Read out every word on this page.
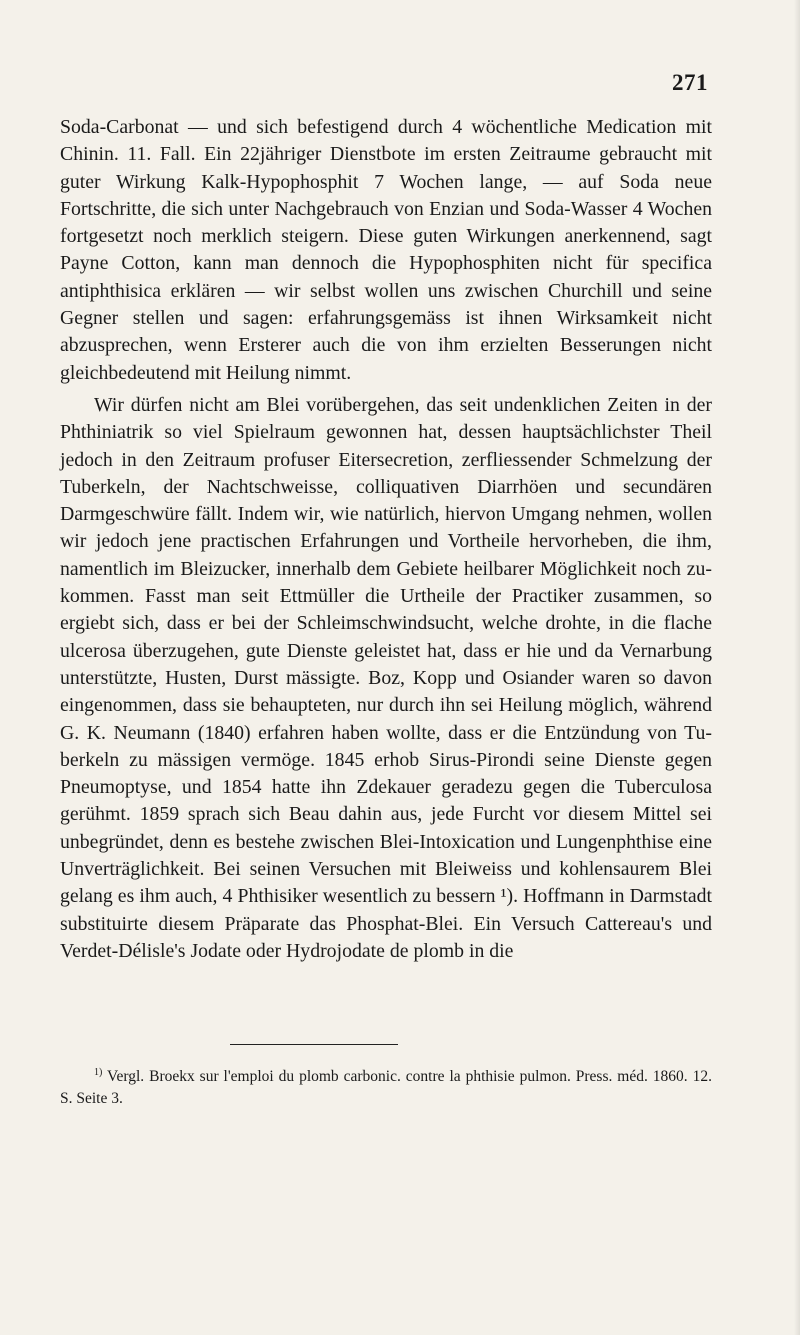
271

Soda-Carbonat — und sich befestigend durch 4 wöchentliche Medication mit Chinin. 11. Fall. Ein 22jähriger Dienstbote im ersten Zeitraume gebraucht mit guter Wirkung Kalk-Hypophosphit 7 Wochen lange, — auf Soda neue Fortschritte, die sich unter Nachgebrauch von Enzian und Soda-Wasser 4 Wochen fortgesetzt noch merklich steigern. Diese guten Wirkungen anerkennend, sagt Payne Cotton, kann man dennoch die Hypophosphiten nicht für specifica antiphthisica erklären — wir selbst wollen uns zwischen Churchill und seine Gegner stellen und sagen: erfahrungsgemäss ist ihnen Wirksamkeit nicht abzusprechen, wenn Ersterer auch die von ihm erzielten Besserungen nicht gleichbedeutend mit Heilung nimmt.

Wir dürfen nicht am Blei vorübergehen, das seit undenklichen Zeiten in der Phthiniatrik so viel Spielraum gewonnen hat, dessen hauptsächlichster Theil jedoch in den Zeitraum profuser Eitersecretion, zerfliessender Schmelzung der Tuberkeln, der Nachtschweisse, colliquativen Diarrhöen und secundären Darmgeschwüre fällt. Indem wir, wie natürlich, hiervon Umgang nehmen, wollen wir jedoch jene practischen Erfahrungen und Vortheile hervorheben, die ihm, namentlich im Bleizucker, innerhalb dem Gebiete heilbarer Möglichkeit noch zukommen. Fasst man seit Ettmüller die Urtheile der Practiker zusammen, so ergiebt sich, dass er bei der Schleimschwindsucht, welche drohte, in die flache ulcerosa überzugehen, gute Dienste geleistet hat, dass er hie und da Vernarbung unterstützte, Husten, Durst mässigte. Boz, Kopp und Osiander waren so davon eingenommen, dass sie behaupteten, nur durch ihn sei Heilung möglich, während G. K. Neumann (1840) erfahren haben wollte, dass er die Entzündung von Tuberkeln zu mässigen vermöge. 1845 erhob Sirus-Pirondi seine Dienste gegen Pneumoptyse, und 1854 hatte ihn Zdekauer geradezu gegen die Tuberculosa gerühmt. 1859 sprach sich Beau dahin aus, jede Furcht vor diesem Mittel sei unbegründet, denn es bestehe zwischen Blei-Intoxication und Lungenphthise eine Unverträglichkeit. Bei seinen Versuchen mit Bleiweiss und kohlensaurem Blei gelang es ihm auch, 4 Phthisiker wesentlich zu bessern ¹). Hoffmann in Darmstadt substituirte diesem Präparate das Phosphat-Blei. Ein Versuch Cattereau's und Verdet-Délisle's Jodate oder Hydrojodate de plomb in die

$^{1)}$ Vergl. Broekx sur l'emploi du plomb carbonic. contre la phthisie pulmon. Press. méd. 1860. 12. S. Seite 3.
